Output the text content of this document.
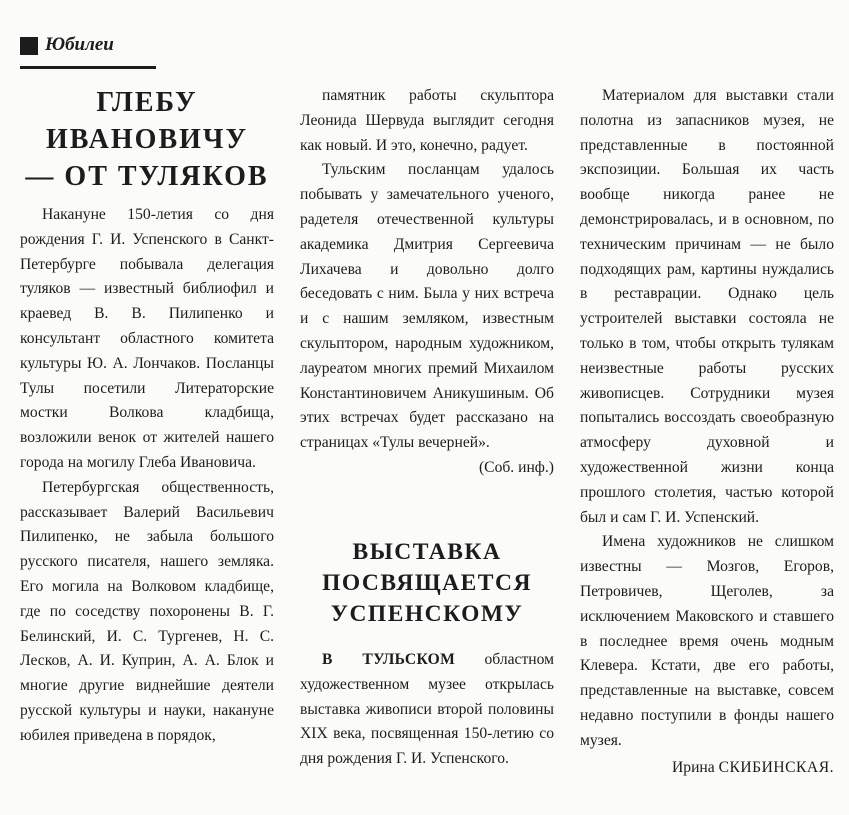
Юбилеи
ГЛЕБУ
ИВАНОВИЧУ
— ОТ ТУЛЯКОВ

Накануне 150-летия со дня рождения Г. И. Успенского в Санкт-Петербурге побывала делегация туляков — известный библиофил и краевед В. В. Пилипенко и консультант областного комитета культуры Ю. А. Лончаков. Посланцы Тулы посетили Литераторские мостки Волкова кладбища, возложили венок от жителей нашего города на могилу Глеба Ивановича.

Петербургская общественность, рассказывает Валерий Васильевич Пилипенко, не забыла большого русского писателя, нашего земляка. Его могила на Волковом кладбище, где по соседству похоронены В. Г. Белинский, И. С. Тургенев, Н. С. Лесков, А. И. Куприн, А. А. Блок и многие другие виднейшие деятели русской культуры и науки, накануне юбилея приведена в порядок,

памятник работы скульптора Леонида Шервуда выглядит сегодня как новый. И это, конечно, радует.

Тульским посланцам удалось побывать у замечательного ученого, радетеля отечественной культуры академика Дмитрия Сергеевича Лихачева и довольно долго беседовать с ним. Была у них встреча и с нашим земляком, известным скульптором, народным художником, лауреатом многих премий Михаилом Константиновичем Аникушиным. Об этих встречах будет рассказано на страницах «Тулы вечерней».

(Соб. инф.)

ВЫСТАВКА
ПОСВЯЩАЕТСЯ
УСПЕНСКОМУ

В ТУЛЬСКОМ областном художественном музее открылась выставка живописи второй половины XIX века, посвященная 150-летию со дня рождения Г. И. Успенского.

Материалом для выставки стали полотна из запасников музея, не представленные в постоянной экспозиции. Большая их часть вообще никогда ранее не демонстрировалась, и в основном, по техническим причинам — не было подходящих рам, картины нуждались в реставрации. Однако цель устроителей выставки состояла не только в том, чтобы открыть тулякам неизвестные работы русских живописцев. Сотрудники музея попытались воссоздать своеобразную атмосферу духовной и художественной жизни конца прошлого столетия, частью которой был и сам Г. И. Успенский.

Имена художников не слишком известны — Мозгов, Егоров, Петровичев, Щеголев, за исключением Маковского и ставшего в последнее время очень модным Клевера. Кстати, две его работы, представленные на выставке, совсем недавно поступили в фонды нашего музея.

Ирина СКИБИНСКАЯ.
